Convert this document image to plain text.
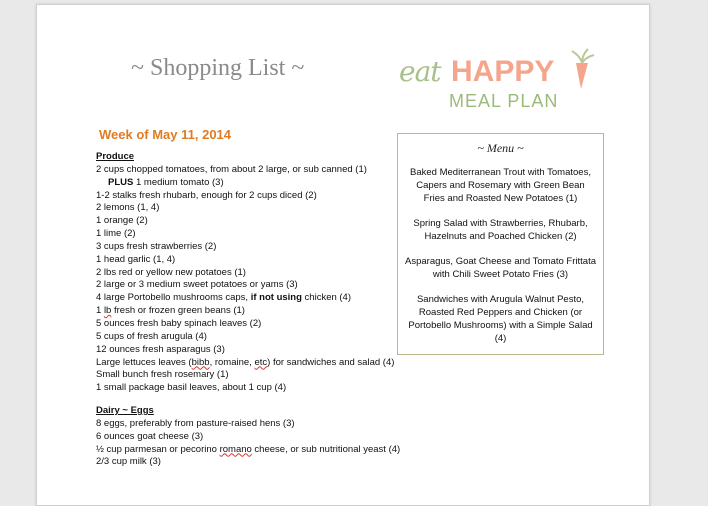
~ Shopping List ~	eat HAPPY
MEAL PLAN
Week of May 11, 2014
Produce
2 cups chopped tomatoes, from about 2 large, or sub canned (1)
PLUS 1 medium tomato (3)
1-2 stalks fresh rhubarb, enough for 2 cups diced (2)
2 lemons (1, 4)
1 orange (2)
1 lime (2)
3 cups fresh strawberries (2)
1 head garlic (1, 4)
2 lbs red or yellow new potatoes (1)
2 large or 3 medium sweet potatoes or yams (3)
4 large Portobello mushrooms caps, if not using chicken (4)
1 lb fresh or frozen green beans (1)
5 ounces fresh baby spinach leaves (2)
5 cups of fresh arugula (4)
12 ounces fresh asparagus (3)
Large lettuces leaves (bibb, romaine, etc) for sandwiches and salad (4)
Small bunch fresh rosemary (1)
1 small package basil leaves, about 1 cup (4)
Dairy ~ Eggs
8 eggs, preferably from pasture-raised hens (3)
6 ounces goat cheese (3)
½ cup parmesan or pecorino romano cheese, or sub nutritional yeast (4)
2/3 cup milk (3)
~ Menu ~
Baked Mediterranean Trout with Tomatoes, Capers and Rosemary with Green Bean Fries and Roasted New Potatoes (1)
Spring Salad with Strawberries, Rhubarb, Hazelnuts and Poached Chicken (2)
Asparagus, Goat Cheese and Tomato Frittata with Chili Sweet Potato Fries (3)
Sandwiches with Arugula Walnut Pesto, Roasted Red Peppers and Chicken (or Portobello Mushrooms) with a Simple Salad (4)
